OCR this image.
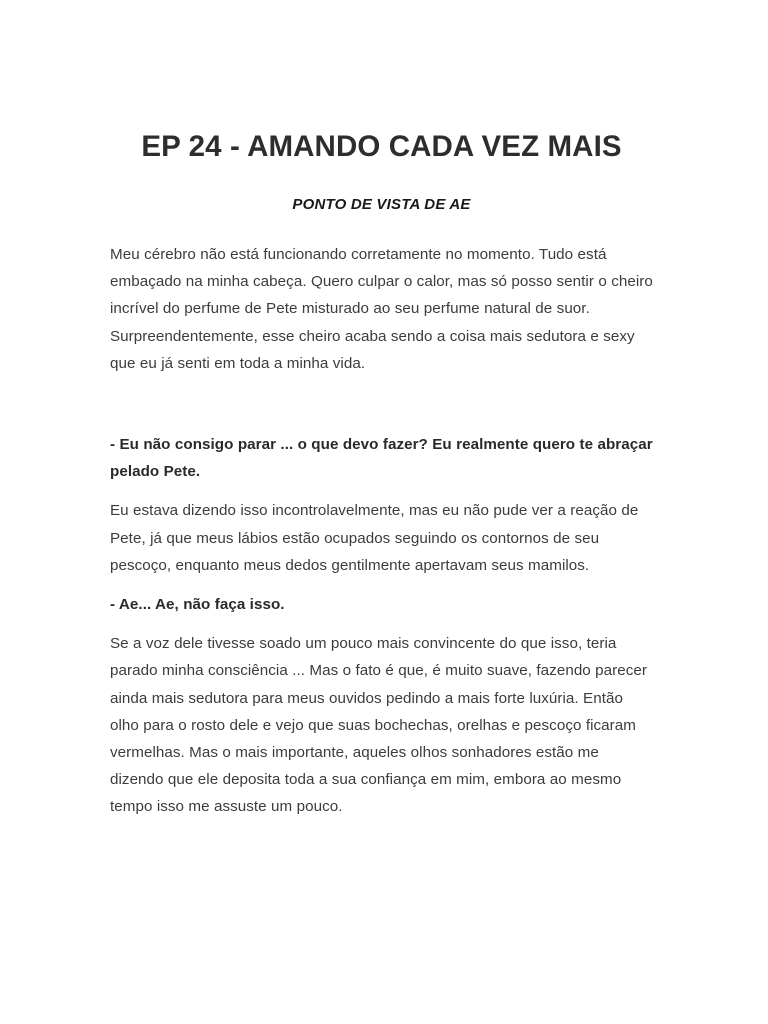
EP 24 - AMANDO CADA VEZ MAIS

PONTO DE VISTA DE AE

Meu cérebro não está funcionando corretamente no momento. Tudo está embaçado na minha cabeça. Quero culpar o calor, mas só posso sentir o cheiro incrível do perfume de Pete misturado ao seu perfume natural de suor. Surpreendentemente, esse cheiro acaba sendo a coisa mais sedutora e sexy que eu já senti em toda a minha vida.

- Eu não consigo parar ... o que devo fazer? Eu realmente quero te abraçar pelado Pete.

Eu estava dizendo isso incontrolavelmente, mas eu não pude ver a reação de Pete, já que meus lábios estão ocupados seguindo os contornos de seu pescoço, enquanto meus dedos gentilmente apertavam seus mamilos.

- Ae... Ae, não faça isso.

Se a voz dele tivesse soado um pouco mais convincente do que isso, teria parado minha consciência ... Mas o fato é que, é muito suave, fazendo parecer ainda mais sedutora para meus ouvidos pedindo a mais forte luxúria. Então olho para o rosto dele e vejo que suas bochechas, orelhas e pescoço ficaram vermelhas. Mas o mais importante, aqueles olhos sonhadores estão me dizendo que ele deposita toda a sua confiança em mim, embora ao mesmo tempo isso me assuste um pouco.
